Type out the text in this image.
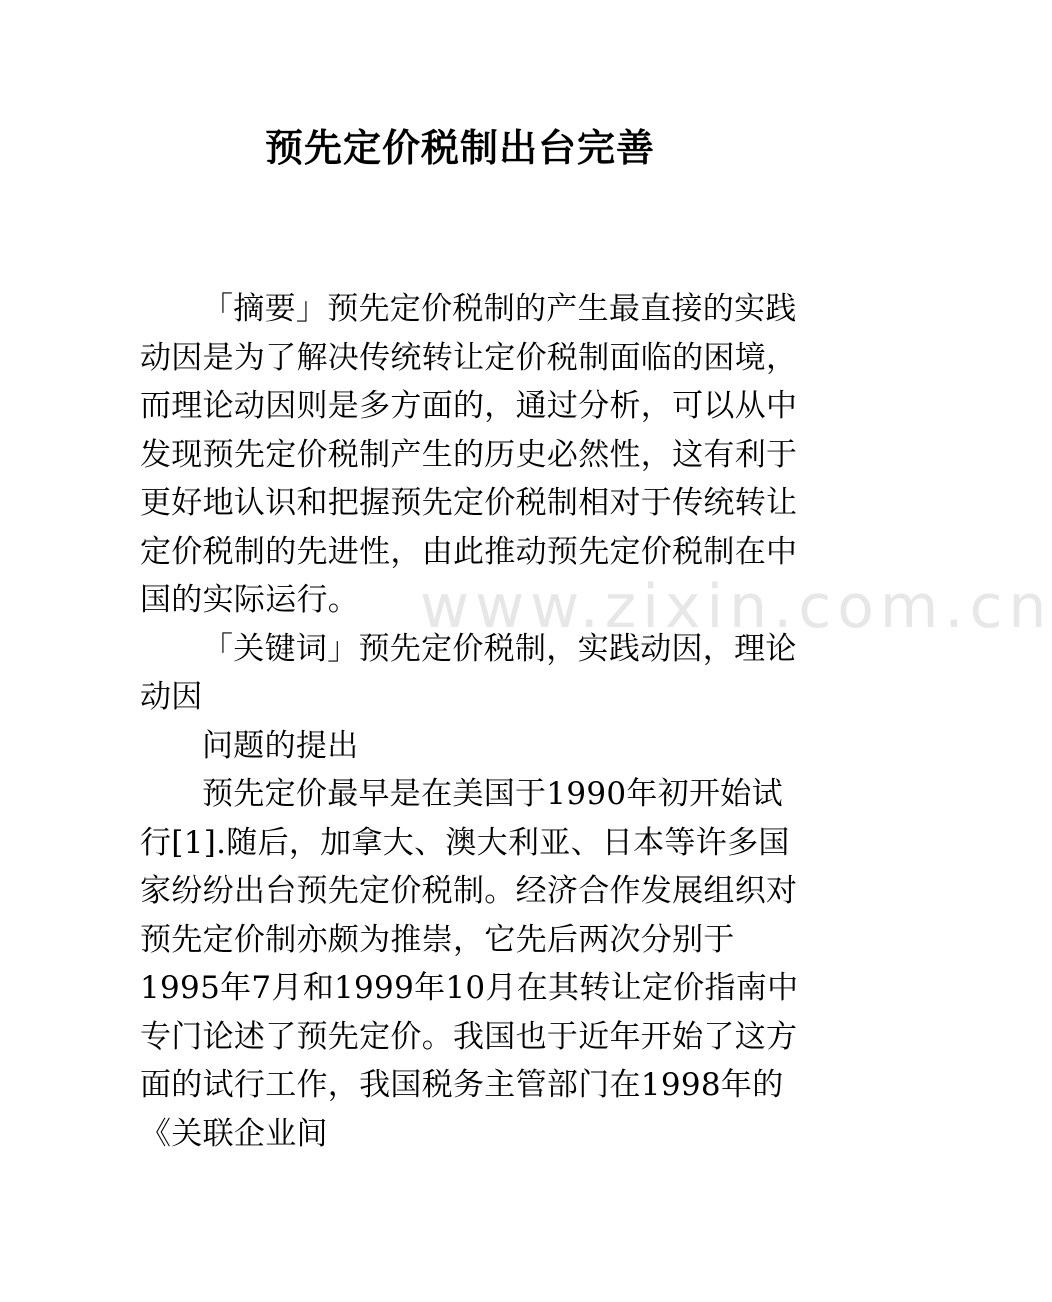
www.zixin.com.cn
预先定价税制出台完善

「摘要」预先定价税制的产生最直接的实践动因是为了解决传统转让定价税制面临的困境，而理论动因则是多方面的，通过分析，可以从中发现预先定价税制产生的历史必然性，这有利于更好地认识和把握预先定价税制相对于传统转让定价税制的先进性，由此推动预先定价税制在中国的实际运行。

「关键词」预先定价税制，实践动因，理论动因

问题的提出

预先定价最早是在美国于1990年初开始试行[1].随后，加拿大、澳大利亚、日本等许多国家纷纷出台预先定价税制。经济合作发展组织对预先定价制亦颇为推崇，它先后两次分别于1995年7月和1999年10月在其转让定价指南中专门论述了预先定价。我国也于近年开始了这方面的试行工作，我国税务主管部门在1998年的《关联企业间
